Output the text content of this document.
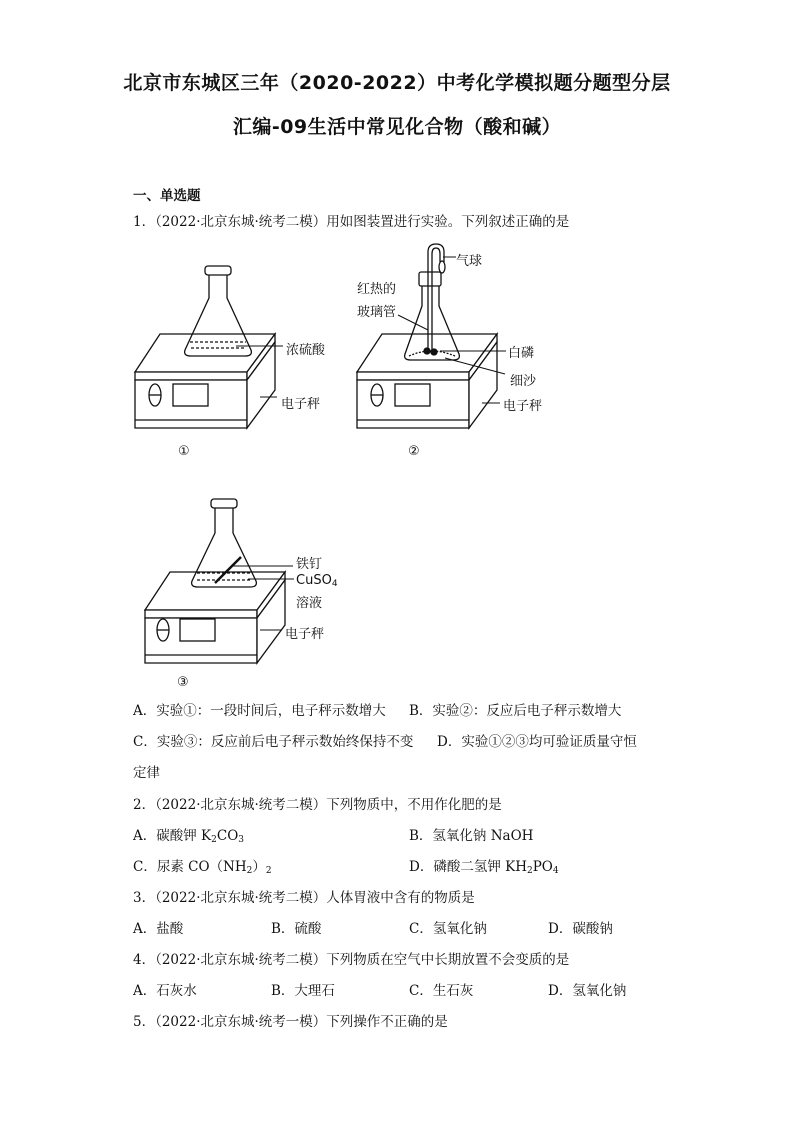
北京市东城区三年（2020-2022）中考化学模拟题分题型分层
汇编-09生活中常见化合物（酸和碱）
一、单选题
1．（2022·北京东城·统考二模）用如图装置进行实验。下列叙述正确的是
浓硫酸
电子秤
①
气球
红热的
玻璃管
白磷
细沙
电子秤
②
铁钉
CuSO$_4$
溶液
电子秤
③
A．实验①：一段时间后，电子秤示数增大 B．实验②：反应后电子秤示数增大
C．实验③：反应前后电子秤示数始终保持不变 D．实验①②③均可验证质量守恒
定律
2．（2022·北京东城·统考二模）下列物质中，不用作化肥的是
A．碳酸钾 $K_2CO_3$	B．氢氧化钠 NaOH
C．尿素 $CO(NH_2)_2$	D．磷酸二氢钾 $KH_2PO_4$
3．（2022·北京东城·统考二模）人体胃液中含有的物质是
A．盐酸	B．硫酸	C．氢氧化钠	D．碳酸钠
4．（2022·北京东城·统考二模）下列物质在空气中长期放置不会变质的是
A．石灰水	B．大理石	C．生石灰	D．氢氧化钠
5．（2022·北京东城·统考一模）下列操作不正确的是
